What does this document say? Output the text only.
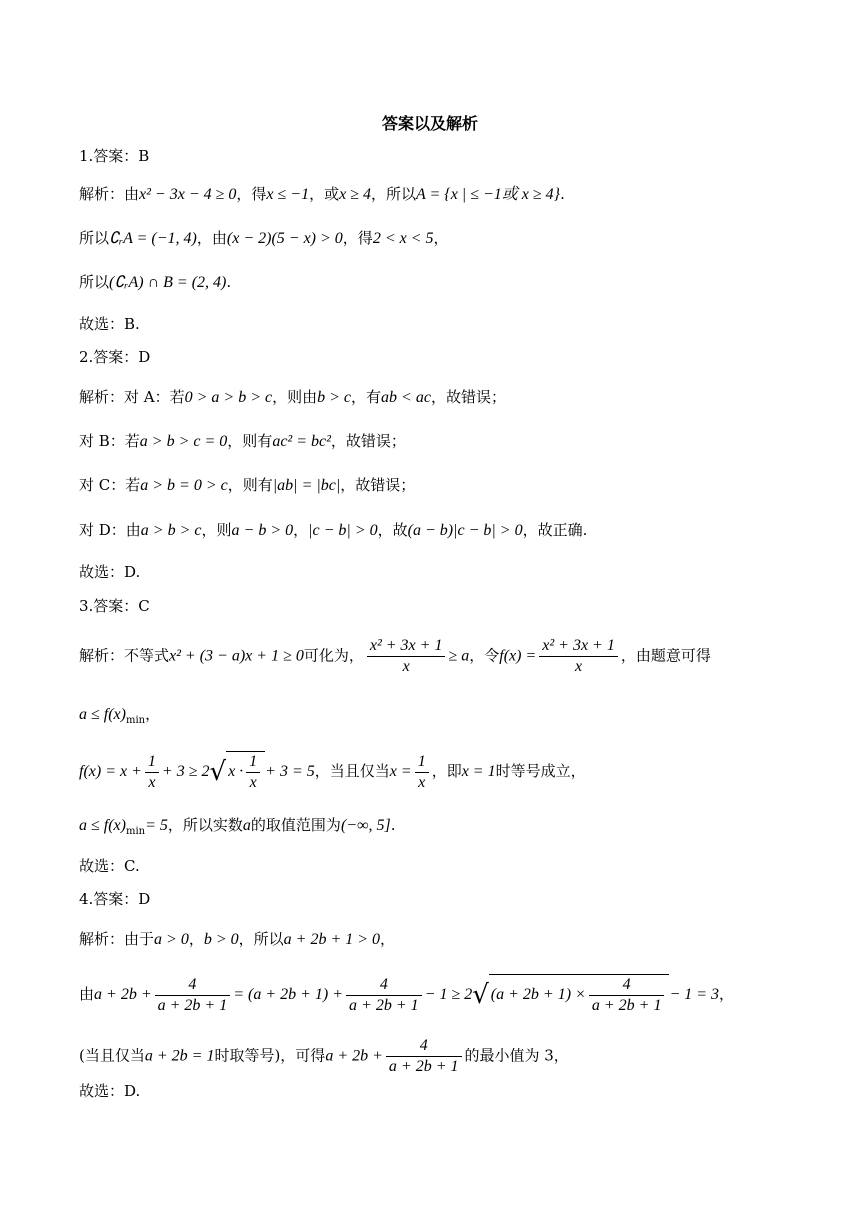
答案以及解析
1.答案：B
解析：由x² − 3x − 4 ≥ 0，得x ≤ −1，或x ≥ 4，所以A = {x | ≤ −1或 x ≥ 4}.
所以∁ᵣA = (−1, 4)，由(x − 2)(5 − x) > 0，得2 < x < 5，
所以(∁ᵣA) ∩ B = (2, 4).
故选：B.
2.答案：D
解析：对 A：若0 > a > b > c，则由b > c，有ab < ac，故错误；
对 B：若a > b > c = 0，则有ac² = bc²，故错误；
对 C：若a > b = 0 > c，则有|ab| = |bc|，故错误；
对 D：由a > b > c，则a − b > 0，|c − b| > 0，故(a − b)|c − b| > 0，故正确.
故选：D.
3.答案：C
解析：不等式x² + (3 − a)x + 1 ≥ 0可化为， $\frac{\text{x² + 3x + 1}}{x} \ge a$，令$f(x) = \frac{\text{x² + 3x + 1}}{x}$ ，由题意可得
$a \le f(x)_{min}$，
$f(x) = x + \frac{1}{x} + 3 \ge 2√$ $x \cdot \frac{1}{x} + 3 = 5$，当且仅当$x = \frac{1}{x}$ ，即x = 1时等号成立，
$a \le f(x)_{min}= 5$，所以实数a的取值范围为(−∞, 5].
故选：C.
4.答案：D
解析：由于a > 0，b > 0，所以a + 2b + 1 > 0，
由$a + 2b + \frac{4}{a + 2b + 1} = (a + 2b + 1) + \frac{4}{a + 2b + 1} - 1 \ge 2√$ $(a + 2b + 1) \times \frac{4}{a + 2b + 1} - 1 = 3$，
(当且仅当a + 2b = 1时取等号)，可得$a + 2b + \frac{4}{a + 2b + 1}$ 的最小值为 3，
故选：D.
